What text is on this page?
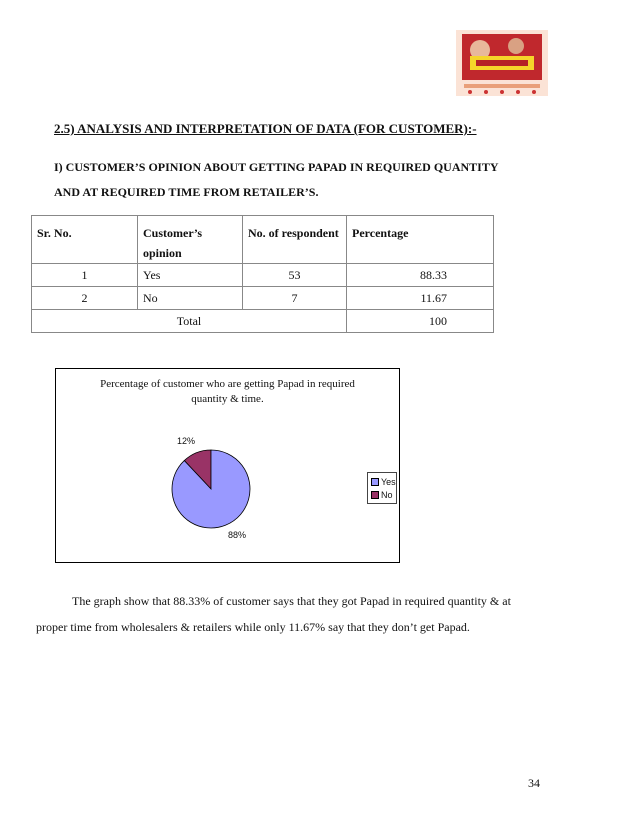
2.5) ANALYSIS AND INTERPRETATION OF DATA (FOR CUSTOMER):-
I) CUSTOMER’S OPINION ABOUT GETTING PAPAD IN REQUIRED QUANTITY
AND AT REQUIRED TIME FROM RETAILER’S.
Sr. No.	Customer’s opinion	No. of respondent	Percentage
1	Yes	53	88.33
2	No	7	11.67
Total			100
Percentage of customer who are getting Papad in required
quantity & time.
12%
88%
Yes
No
The graph show that 88.33% of customer says that they got Papad in required quantity & at
proper time from wholesalers & retailers while only 11.67% say that they don’t get Papad.
34
